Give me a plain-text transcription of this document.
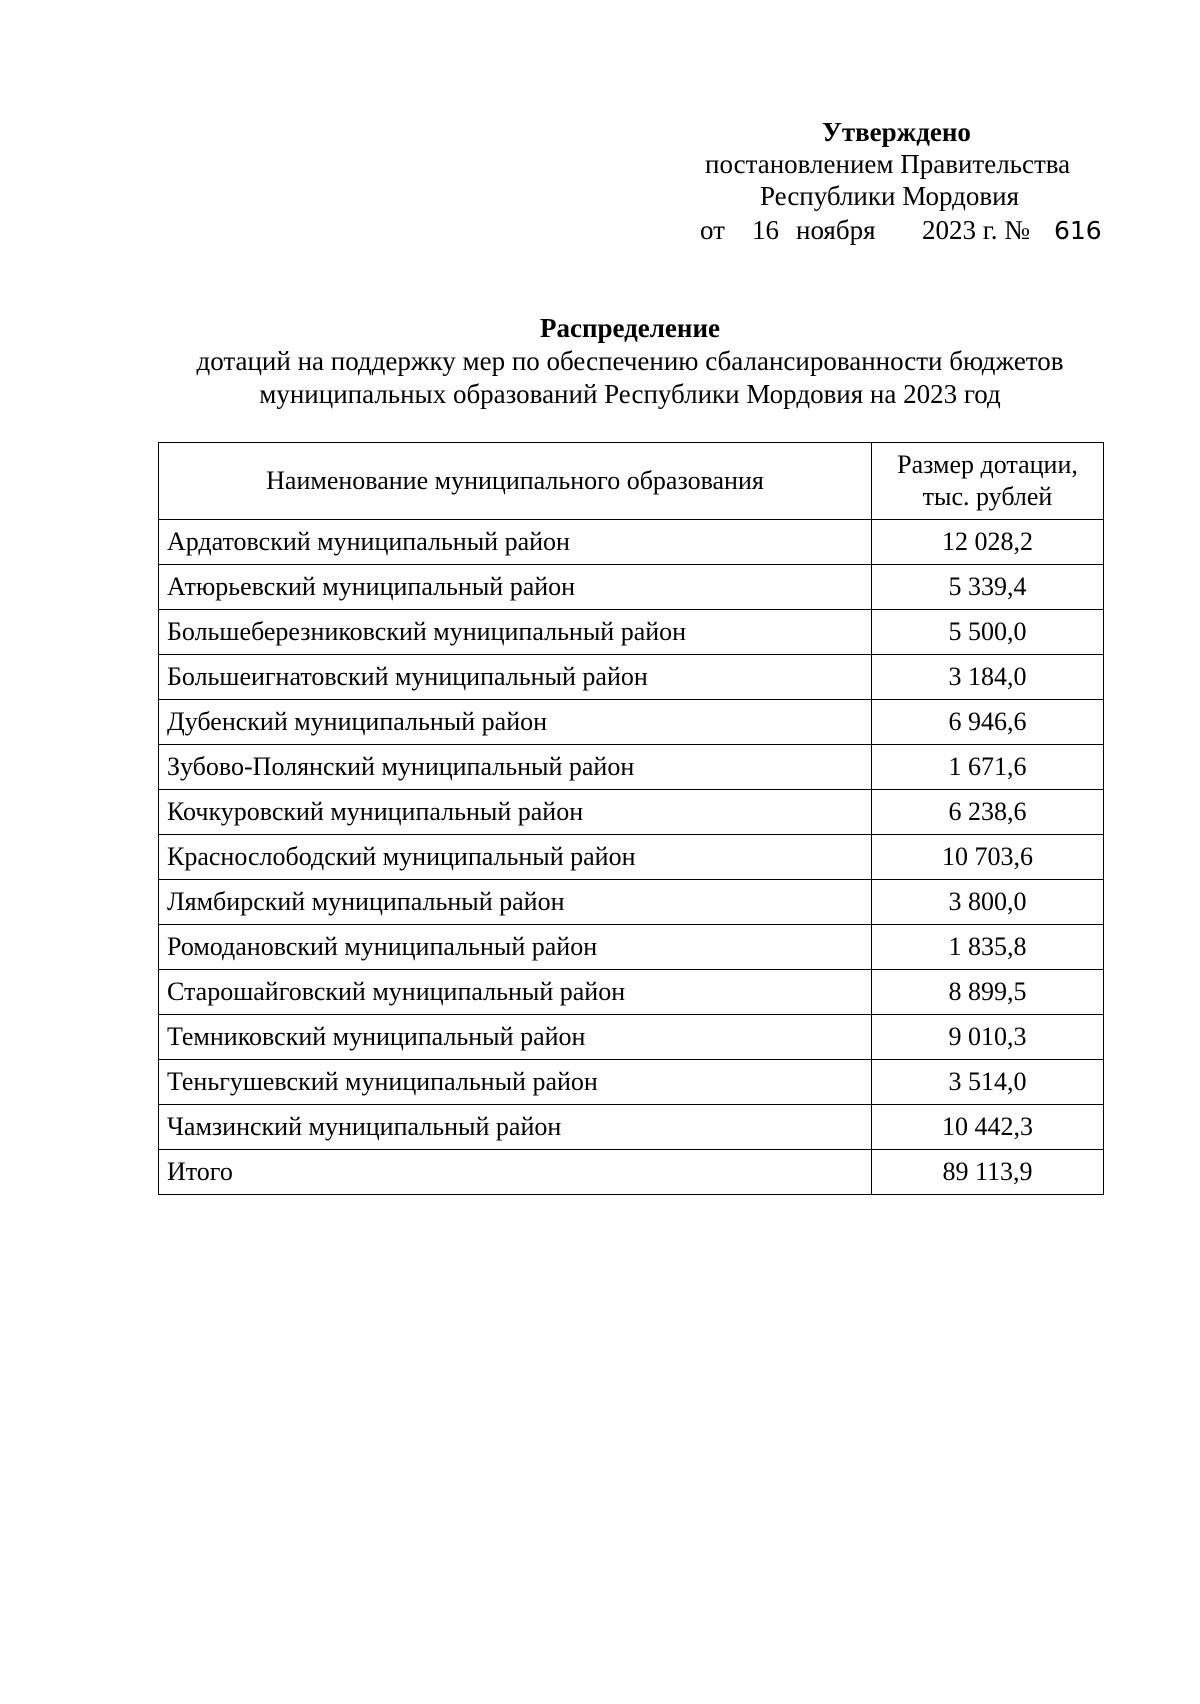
Утверждено
постановлением Правительства
Республики Мордовия
от	16 ноября	2023 г. № 616
Распределение
дотаций на поддержку мер по обеспечению сбалансированности бюджетов
муниципальных образований Республики Мордовия на 2023 год
Наименование муниципального образования	Размер дотации,
тыс. рублей

Ардатовский муниципальный район	12 028,2
Атюрьевский муниципальный район	5 339,4
Большеберезниковский муниципальный район	5 500,0
Большеигнатовский муниципальный район	3 184,0
Дубенский муниципальный район	6 946,6
Зубово-Полянский муниципальный район	1 671,6
Кочкуровский муниципальный район	6 238,6
Краснослободский муниципальный район	10 703,6
Лямбирский муниципальный район	3 800,0
Ромодановский муниципальный район	1 835,8
Старошайговский муниципальный район	8 899,5
Темниковский муниципальный район	9 010,3
Теньгушевский муниципальный район	3 514,0
Чамзинский муниципальный район	10 442,3
Итого	89 113,9
